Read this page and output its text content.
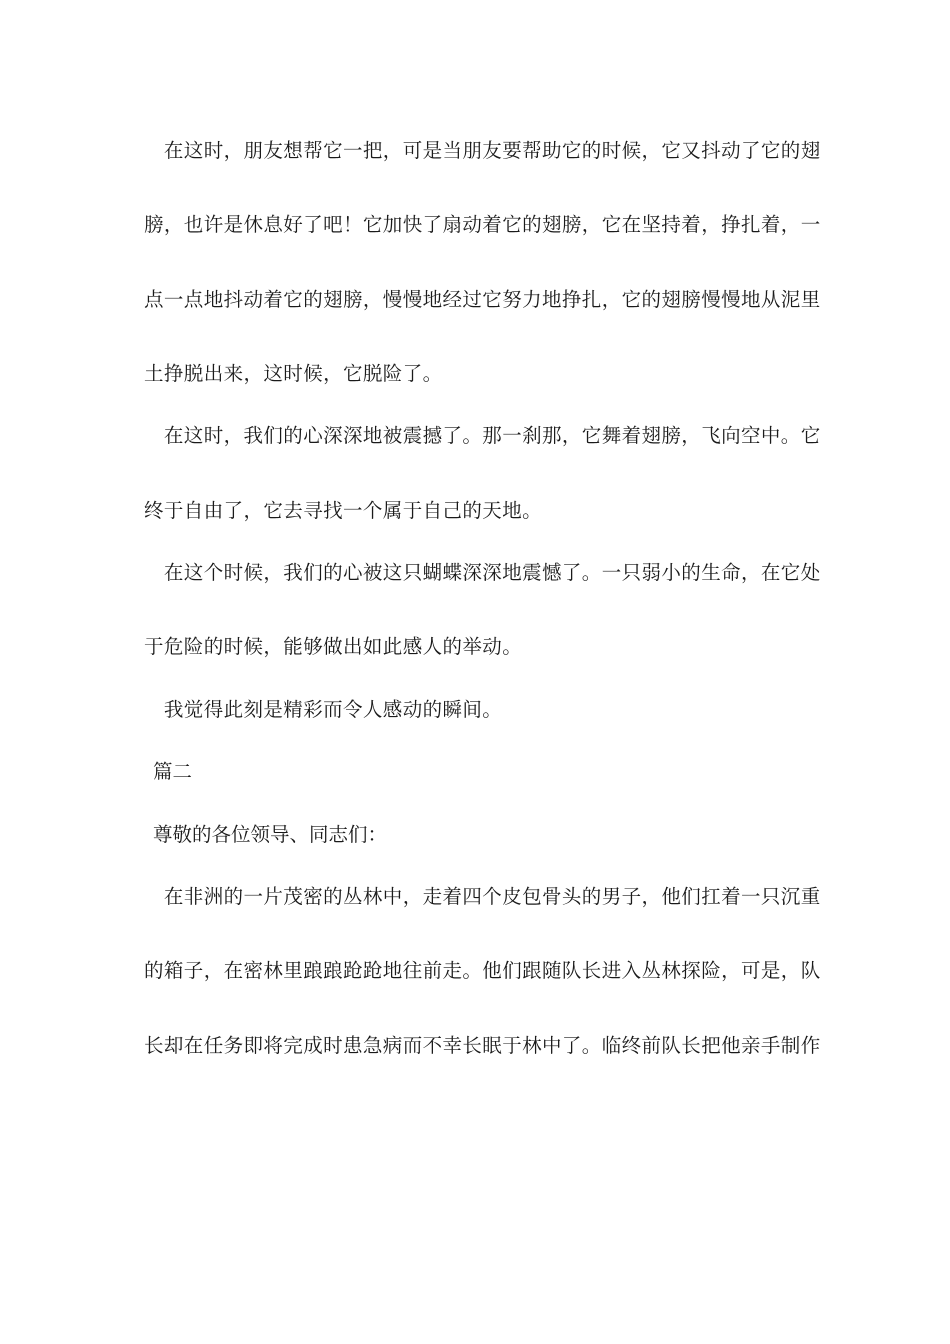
　在这时，朋友想帮它一把，可是当朋友要帮助它的时候，它又抖动了它的翅
膀，也许是休息好了吧！它加快了扇动着它的翅膀，它在坚持着，挣扎着，一
点一点地抖动着它的翅膀，慢慢地经过它努力地挣扎，它的翅膀慢慢地从泥里
土挣脱出来，这时候，它脱险了。
　在这时，我们的心深深地被震撼了。那一刹那，它舞着翅膀，飞向空中。它
终于自由了，它去寻找一个属于自己的天地。
　在这个时候，我们的心被这只蝴蝶深深地震憾了。一只弱小的生命，在它处
于危险的时候，能够做出如此感人的举动。
　我觉得此刻是精彩而令人感动的瞬间。
篇二
尊敬的各位领导、同志们：
　在非洲的一片茂密的丛林中，走着四个皮包骨头的男子，他们扛着一只沉重
的箱子，在密林里踉踉跄跄地往前走。他们跟随队长进入丛林探险，可是，队
长却在任务即将完成时患急病而不幸长眠于林中了。临终前队长把他亲手制作
